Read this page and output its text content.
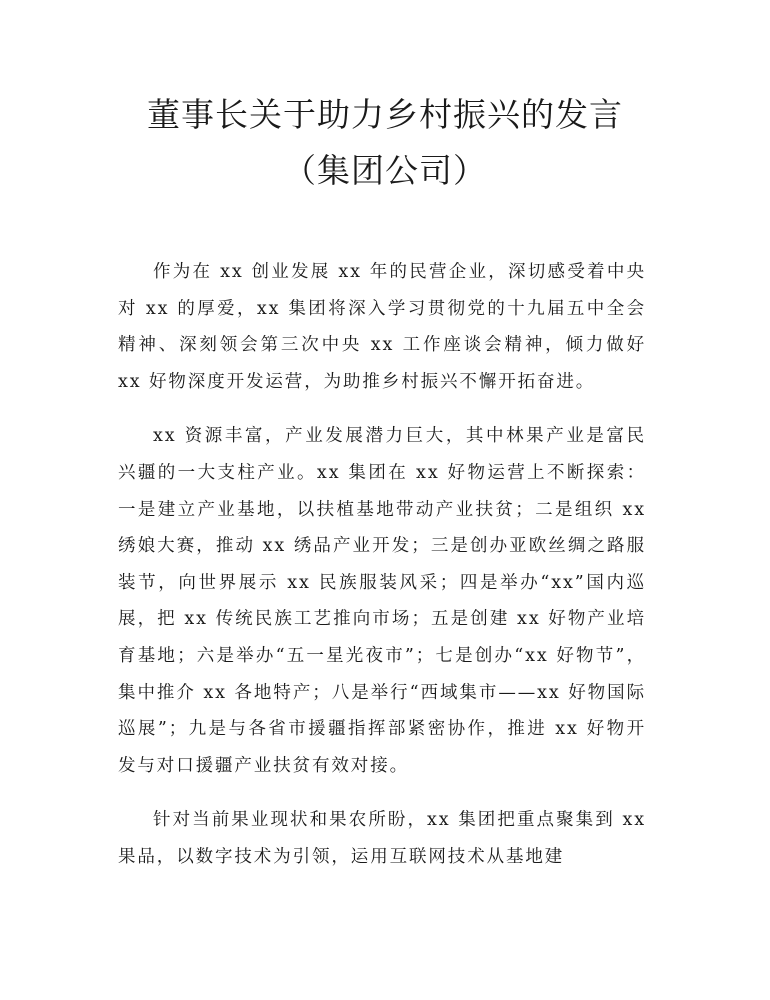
董事长关于助力乡村振兴的发言
（集团公司）

作为在 xx 创业发展 xx 年的民营企业，深切感受着中央对 xx 的厚爱，xx 集团将深入学习贯彻党的十九届五中全会精神、深刻领会第三次中央 xx 工作座谈会精神，倾力做好 xx 好物深度开发运营，为助推乡村振兴不懈开拓奋进。

xx 资源丰富，产业发展潜力巨大，其中林果产业是富民兴疆的一大支柱产业。xx 集团在 xx 好物运营上不断探索：一是建立产业基地，以扶植基地带动产业扶贫；二是组织 xx 绣娘大赛，推动 xx 绣品产业开发；三是创办亚欧丝绸之路服装节，向世界展示 xx 民族服装风采；四是举办“xx”国内巡展，把 xx 传统民族工艺推向市场；五是创建 xx 好物产业培育基地；六是举办“五一星光夜市”；七是创办“xx 好物节”，集中推介 xx 各地特产；八是举行“西域集市——xx 好物国际巡展”；九是与各省市援疆指挥部紧密协作，推进 xx 好物开发与对口援疆产业扶贫有效对接。

针对当前果业现状和果农所盼，xx 集团把重点聚集到 xx 果品，以数字技术为引领，运用互联网技术从基地建
